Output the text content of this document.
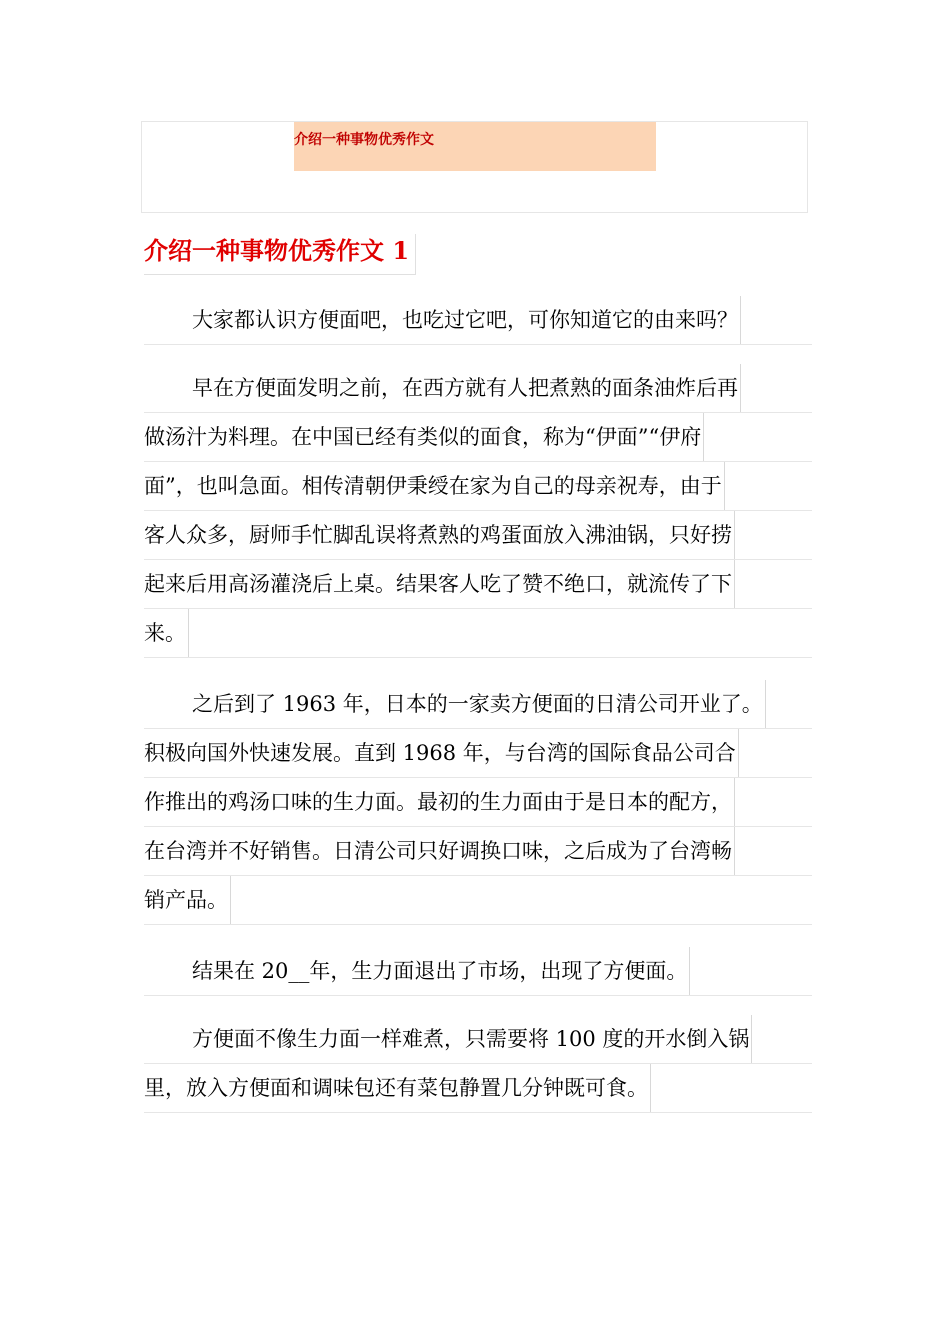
介绍一种事物优秀作文
介绍一种事物优秀作文 1
大家都认识方便面吧，也吃过它吧，可你知道它的由来吗？
早在方便面发明之前，在西方就有人把煮熟的面条油炸后再
做汤汁为料理。在中国已经有类似的面食，称为“伊面”“伊府
面”，也叫急面。相传清朝伊秉绶在家为自己的母亲祝寿，由于
客人众多，厨师手忙脚乱误将煮熟的鸡蛋面放入沸油锅，只好捞
起来后用高汤灌浇后上桌。结果客人吃了赞不绝口，就流传了下
来。
之后到了 1963 年，日本的一家卖方便面的日清公司开业了。
积极向国外快速发展。直到 1968 年，与台湾的国际食品公司合
作推出的鸡汤口味的生力面。最初的生力面由于是日本的配方，
在台湾并不好销售。日清公司只好调换口味，之后成为了台湾畅
销产品。
结果在 20__年，生力面退出了市场，出现了方便面。
方便面不像生力面一样难煮，只需要将 100 度的开水倒入锅
里，放入方便面和调味包还有菜包静置几分钟既可食。
